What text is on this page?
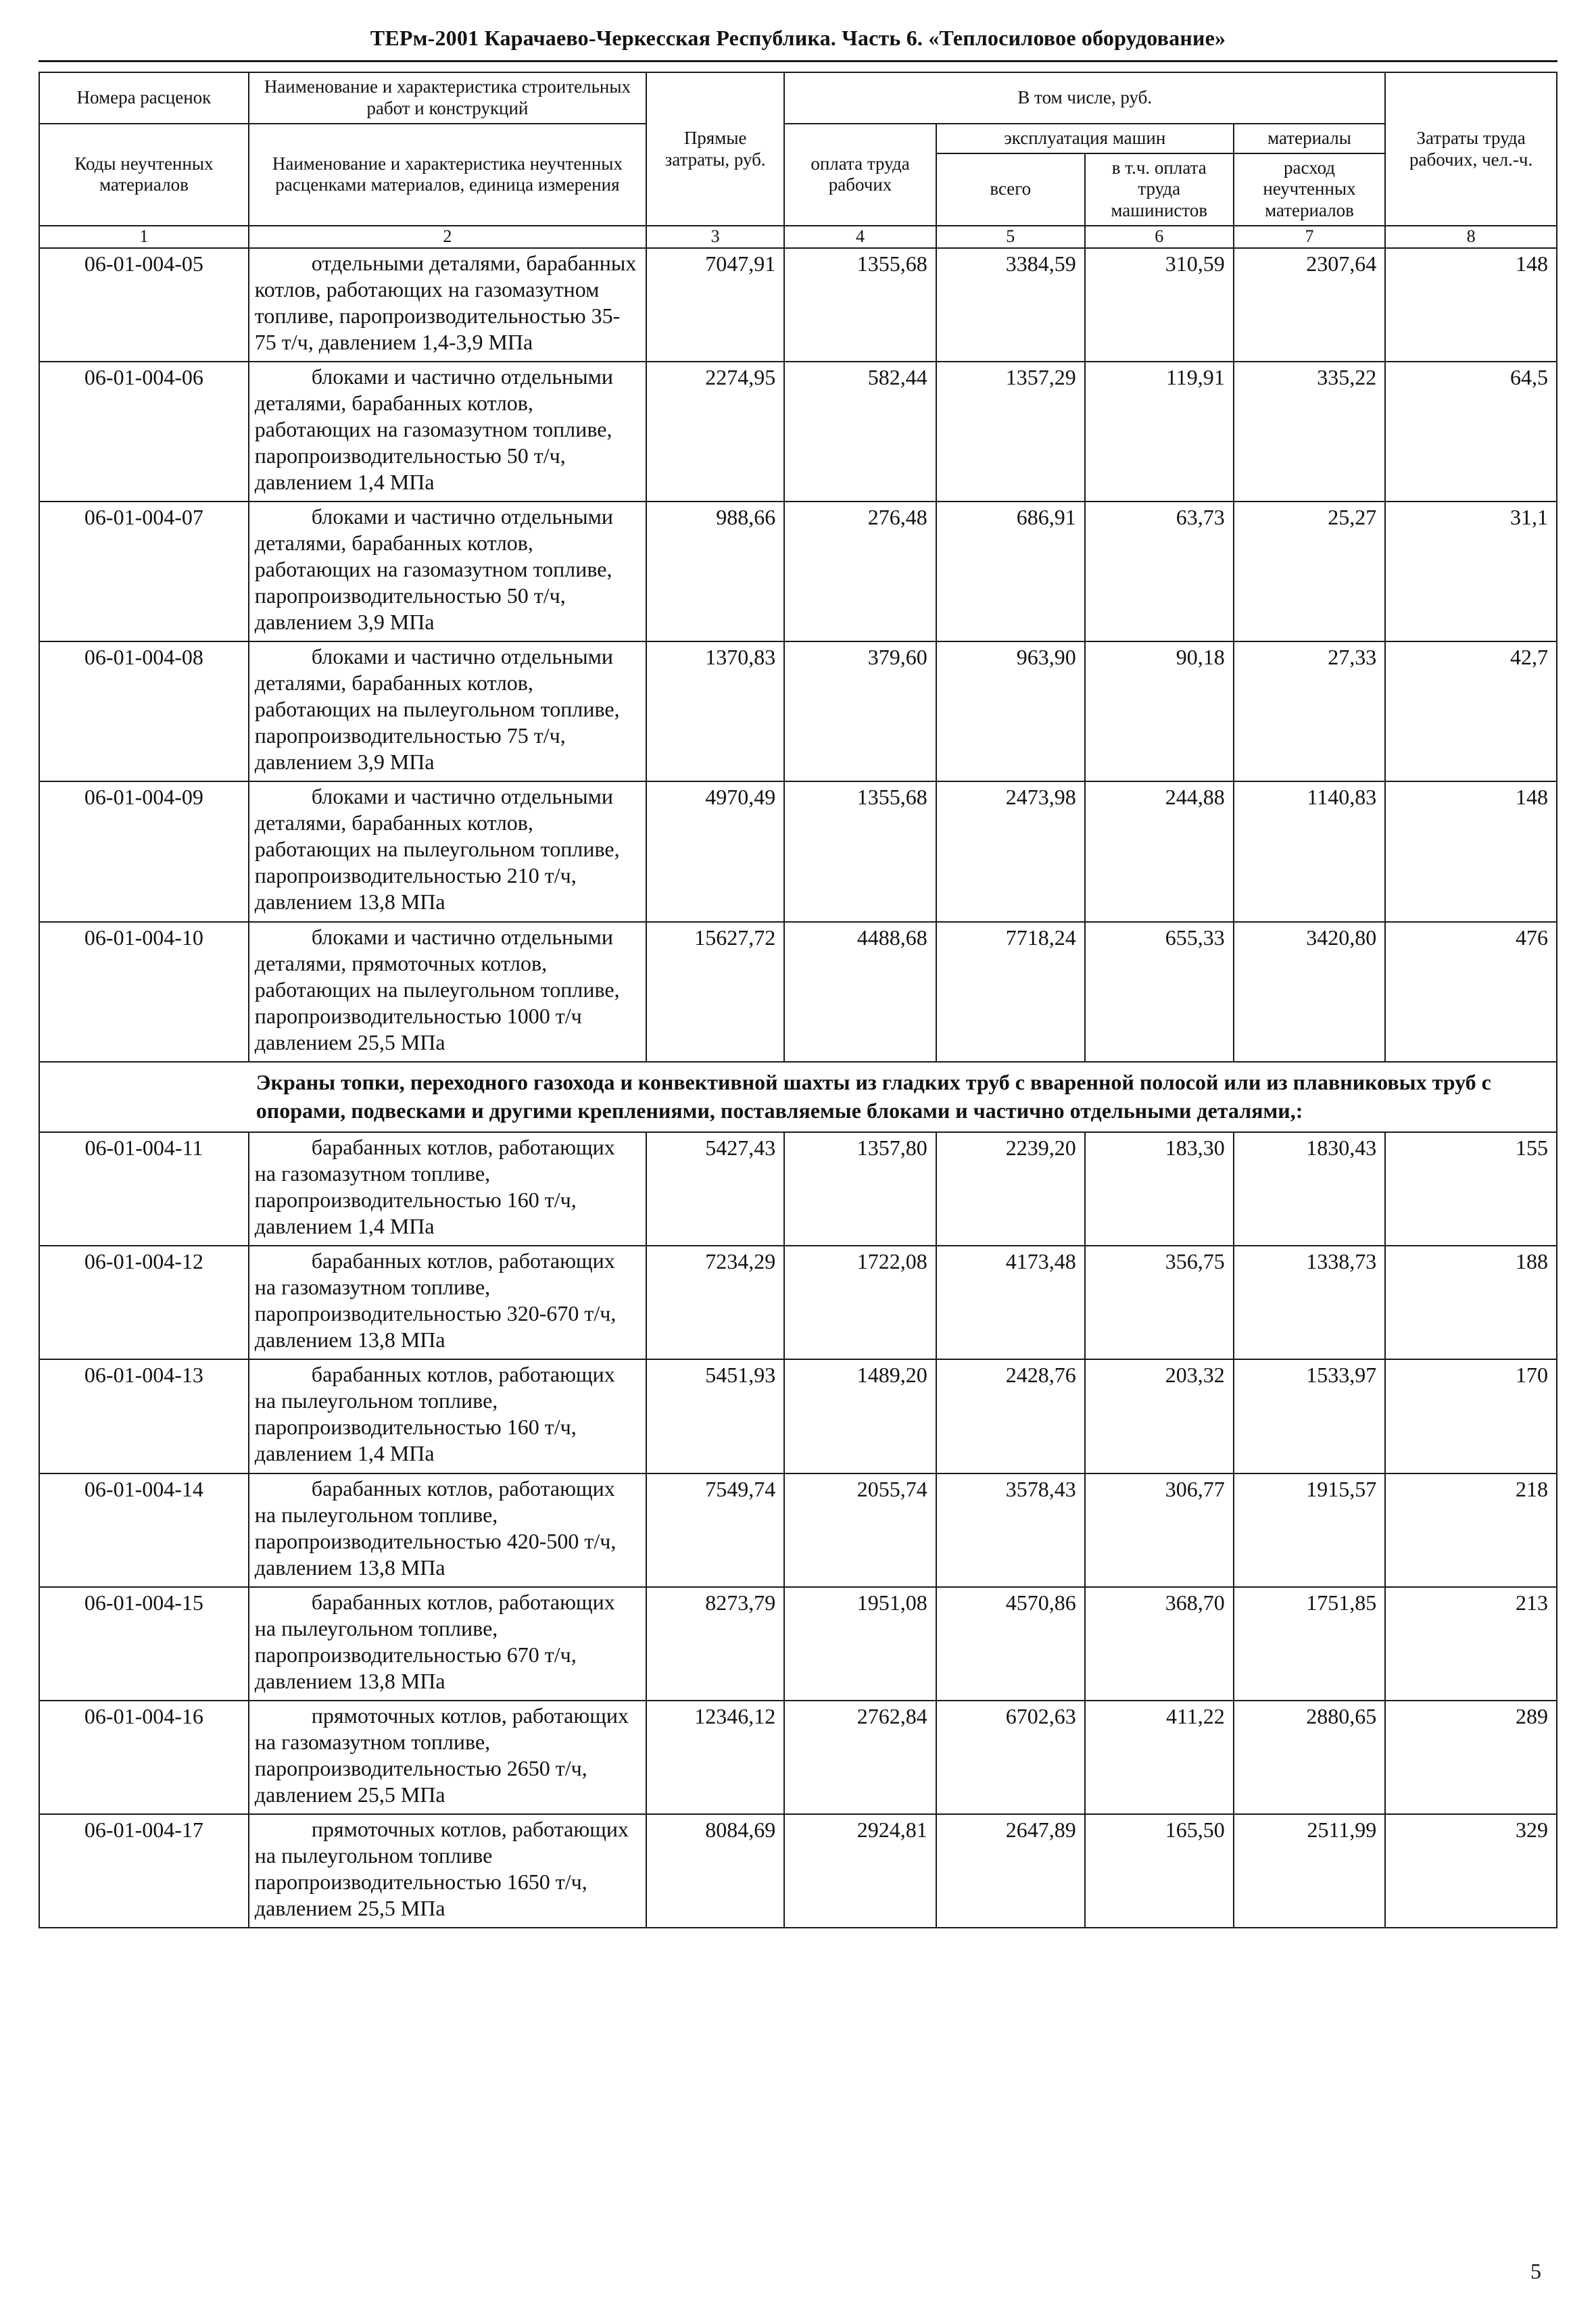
ТЕРм-2001 Карачаево-Черкесская Республика. Часть 6. «Теплосиловое оборудование»
Номера расценок	Наименование и характеристика строительных работ и конструкций	Прямые затраты, руб.	В том числе, руб.				Затраты труда рабочих, чел.-ч.
Коды неучтенных материалов	Наименование и характеристика неучтенных расценками материалов, единица измерения		оплата труда рабочих	эксплуатация машин		материалы	
				всего	в т.ч. оплата труда машинистов	расход неучтенных материалов	
1	2	3	4	5	6	7	8
06-01-004-05	отдельными деталями, барабанных котлов, работающих на газомазутном топливе, паропроизводительностью 35-75 т/ч, давлением 1,4-3,9 МПа	7047,91	1355,68	3384,59	310,59	2307,64	148
06-01-004-06	блоками и частично отдельными деталями, барабанных котлов, работающих на газомазутном топливе, паропроизводительностью 50 т/ч, давлением 1,4 МПа	2274,95	582,44	1357,29	119,91	335,22	64,5
06-01-004-07	блоками и частично отдельными деталями, барабанных котлов, работающих на газомазутном топливе, паропроизводительностью 50 т/ч, давлением 3,9 МПа	988,66	276,48	686,91	63,73	25,27	31,1
06-01-004-08	блоками и частично отдельными деталями, барабанных котлов, работающих на пылеугольном топливе, паропроизводительностью 75 т/ч, давлением 3,9 МПа	1370,83	379,60	963,90	90,18	27,33	42,7
06-01-004-09	блоками и частично отдельными деталями, барабанных котлов, работающих на пылеугольном топливе, паропроизводительностью 210 т/ч, давлением 13,8 МПа	4970,49	1355,68	2473,98	244,88	1140,83	148
06-01-004-10	блоками и частично отдельными деталями, прямоточных котлов, работающих на пылеугольном топливе, паропроизводительностью 1000 т/ч давлением 25,5 МПа	15627,72	4488,68	7718,24	655,33	3420,80	476
Экраны топки, переходного газохода и конвективной шахты из гладких труб с вваренной полосой или из плавниковых труб с опорами, подвесками и другими креплениями, поставляемые блоками и частично отдельными деталями,:							
06-01-004-11	барабанных котлов, работающих на газомазутном топливе, паропроизводительностью 160 т/ч, давлением 1,4 МПа	5427,43	1357,80	2239,20	183,30	1830,43	155
06-01-004-12	барабанных котлов, работающих на газомазутном топливе, паропроизводительностью 320-670 т/ч, давлением 13,8 МПа	7234,29	1722,08	4173,48	356,75	1338,73	188
06-01-004-13	барабанных котлов, работающих на пылеугольном топливе, паропроизводительностью 160 т/ч, давлением 1,4 МПа	5451,93	1489,20	2428,76	203,32	1533,97	170
06-01-004-14	барабанных котлов, работающих на пылеугольном топливе, паропроизводительностью 420-500 т/ч, давлением 13,8 МПа	7549,74	2055,74	3578,43	306,77	1915,57	218
06-01-004-15	барабанных котлов, работающих на пылеугольном топливе, паропроизводительностью 670 т/ч, давлением 13,8 МПа	8273,79	1951,08	4570,86	368,70	1751,85	213
06-01-004-16	прямоточных котлов, работающих на газомазутном топливе, паропроизводительностью 2650 т/ч, давлением 25,5 МПа	12346,12	2762,84	6702,63	411,22	2880,65	289
06-01-004-17	прямоточных котлов, работающих на пылеугольном топливе паропроизводительностью 1650 т/ч, давлением 25,5 МПа	8084,69	2924,81	2647,89	165,50	2511,99	329
5
